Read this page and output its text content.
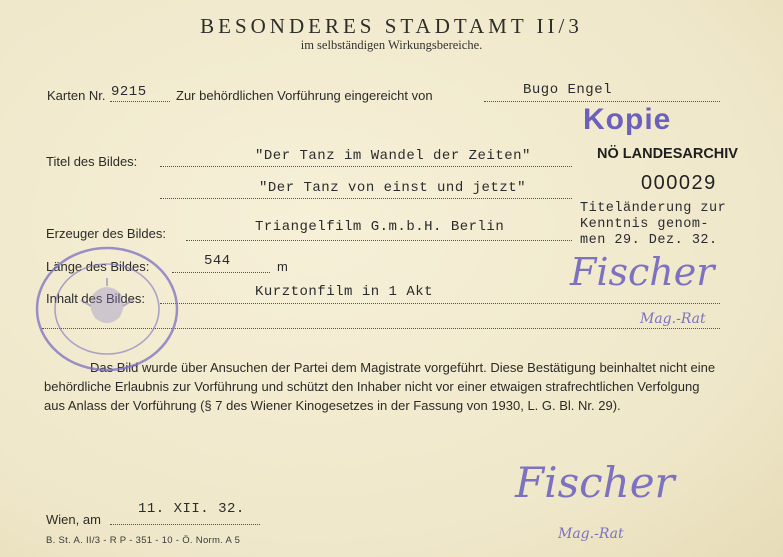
BESONDERES STADTAMT II/3
im selbständigen Wirkungsbereiche.
Karten Nr. 9215 Zur behördlichen Vorführung eingereicht von	Bugo Engel
Titel des Bildes:	"Der Tanz im Wandel der Zeiten"
"Der Tanz von einst und jetzt"
Erzeuger des Bildes:	Triangelfilm G.m.b.H. Berlin
Länge des Bildes:	544	m
Inhalt des Bildes:	Kurztonfilm in 1 Akt
Das Bild wurde über Ansuchen der Partei dem Magistrate vorgeführt. Diese Bestätigung beinhaltet nicht eine behördliche Erlaubnis zur Vorführung und schützt den Inhaber nicht vor einer etwaigen strafrechtlichen Verfolgung aus Anlass der Vorführung (§ 7 des Wiener Kinogesetzes in der Fassung von 1930, L. G. Bl. Nr. 29).
Kopie
NÖ LANDESARCHIV
000029
Titeländerung zur
Kenntnis genom-
men 29. Dez. 32.
Fischer
Mag.-Rat
Wien, am
11. XII. 32.
Fischer
Mag.-Rat
B. St. A. II/3 - R P - 351 - 10 - Ö. Norm. A 5
